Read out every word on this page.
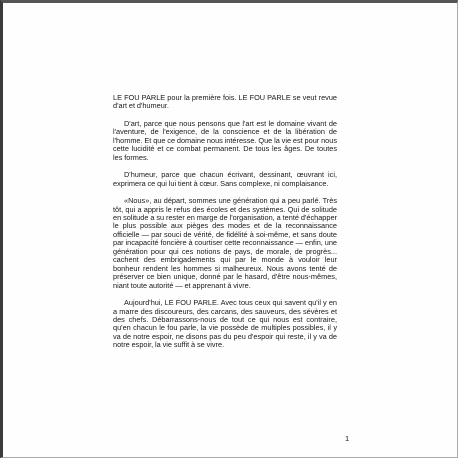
LE FOU PARLE pour la première fois. LE FOU PARLE se veut revue d'art et d'humeur.

D'art, parce que nous pensons que l'art est le domaine vivant de l'aventure, de l'exigence, de la conscience et de la libération de l'homme. Et que ce domaine nous intéresse. Que la vie est pour nous cette lucidité et ce combat permanent. De tous les âges. De toutes les formes.

D'humeur, parce que chacun écrivant, dessinant, œuvrant ici, exprimera ce qui lui tient à cœur. Sans complexe, ni complaisance.

«Nous», au départ, sommes une génération qui a peu parlé. Très tôt, qui a appris le refus des écoles et des systèmes. Qui de solitude en solitude a su rester en marge de l'organisation, a tenté d'échapper le plus possible aux pièges des modes et de la reconnaissance officielle — par souci de vérité, de fidélité à soi-même, et sans doute par incapacité foncière à courtiser cette reconnaissance — enfin, une génération pour qui ces notions de pays, de morale, de progrès... cachent des embrigadements qui par le monde à vouloir leur bonheur rendent les hommes si malheureux. Nous avons tenté de préserver ce bien unique, donné par le hasard, d'être nous-mêmes, niant toute autorité — et apprenant à vivre.

Aujourd'hui, LE FOU PARLE. Avec tous ceux qui savent qu'il y en a marre des discoureurs, des carcans, des sauveurs, des sévères et des chefs. Débarrassons-nous de tout ce qui nous est contraire, qu'en chacun le fou parle, la vie possède de multiples possibles, il y va de notre espoir, ne disons pas du peu d'espoir qui reste, il y va de notre espoir, la vie suffit à se vivre.

1
